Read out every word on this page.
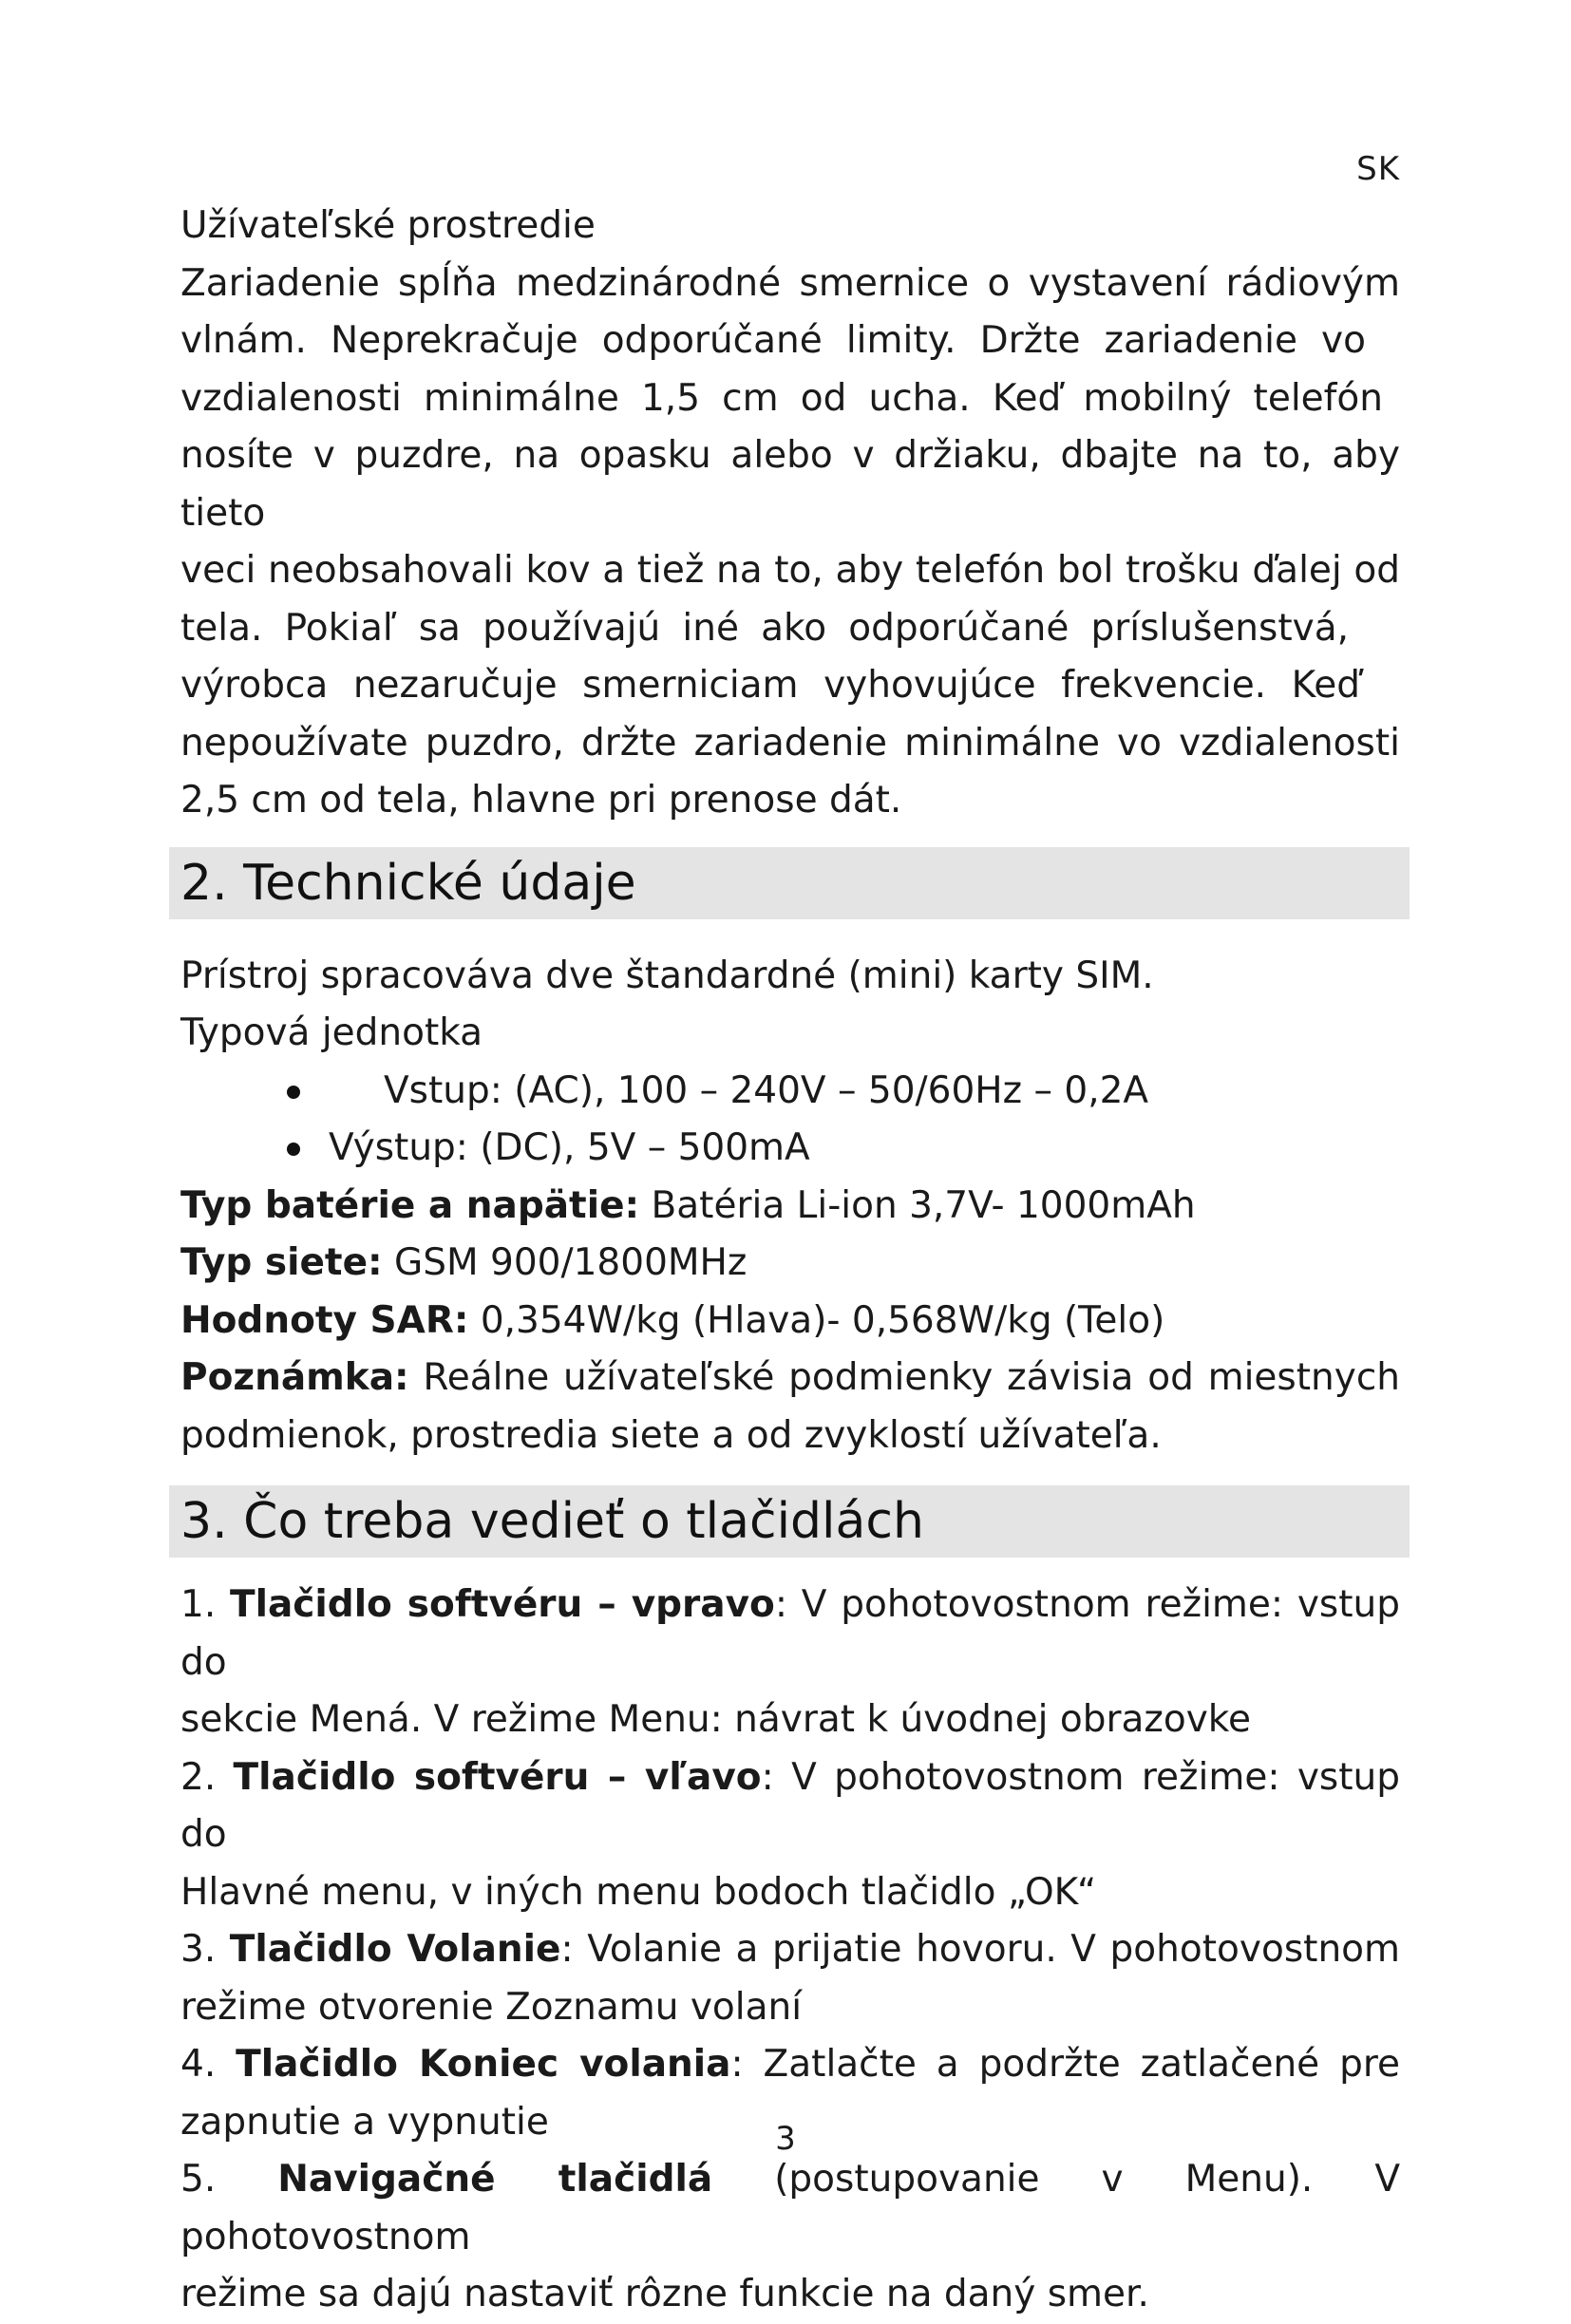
SK

Užívateľské prostredie

Zariadenie spĺňa medzinárodné smernice o vystavení rádiovým

vlnám. Neprekračuje odporúčané limity. Držte zariadenie vo

vzdialenosti minimálne 1,5 cm od ucha. Keď mobilný telefón

nosíte v puzdre, na opasku alebo v držiaku, dbajte na to, aby tieto

veci neobsahovali kov a tiež na to, aby telefón bol trošku ďalej od

tela. Pokiaľ sa používajú iné ako odporúčané príslušenstvá,

výrobca nezaručuje smerniciam vyhovujúce frekvencie. Keď

nepoužívate puzdro, držte zariadenie minimálne vo vzdialenosti

2,5 cm od tela, hlavne pri prenose dát.

2. Technické údaje

Prístroj spracováva dve štandardné (mini) karty SIM.

Typová jednotka

Vstup: (AC), 100 – 240V – 50/60Hz – 0,2A
Výstup: (DC), 5V – 500mA

Typ batérie a napätie: Batéria Li-ion 3,7V- 1000mAh

Typ siete: GSM 900/1800MHz

Hodnoty SAR: 0,354W/kg (Hlava)- 0,568W/kg (Telo)

Poznámka: Reálne užívateľské podmienky závisia od miestnych

podmienok, prostredia siete a od zvyklostí užívateľa.

3. Čo treba vedieť o tlačidlách

1. Tlačidlo softvéru – vpravo: V pohotovostnom režime: vstup do

sekcie Mená. V režime Menu: návrat k úvodnej obrazovke

2. Tlačidlo softvéru – vľavo: V pohotovostnom režime: vstup do

Hlavné menu, v iných menu bodoch tlačidlo „OK“

3. Tlačidlo Volanie: Volanie a prijatie hovoru. V pohotovostnom

režime otvorenie Zoznamu volaní

4. Tlačidlo Koniec volania: Zatlačte a podržte zatlačené pre

zapnutie a vypnutie

5. Navigačné tlačidlá (postupovanie v Menu). V pohotovostnom

režime sa dajú nastaviť rôzne funkcie na daný smer.

3
